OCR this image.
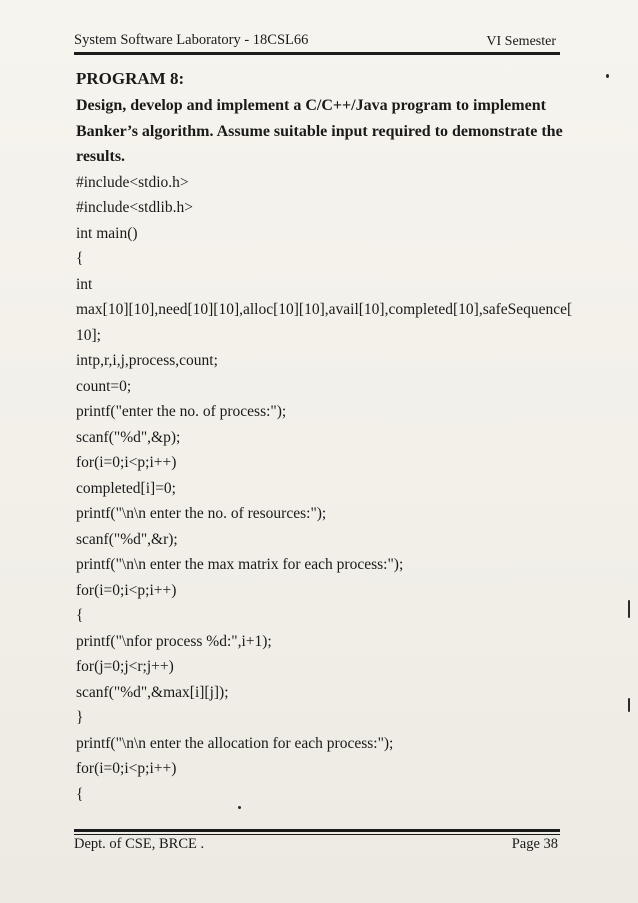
System Software Laboratory - 18CSL66	VI Semester
PROGRAM 8:
Design, develop and implement a C/C++/Java program to implement
Banker’s algorithm. Assume suitable input required to demonstrate the
results.
#include<stdio.h>
#include<stdlib.h>
int main()
{
int
max[10][10],need[10][10],alloc[10][10],avail[10],completed[10],safeSequence[
10];
intp,r,i,j,process,count;
count=0;
printf("enter the no. of process:");
scanf("%d",&p);
for(i=0;i<p;i++)
completed[i]=0;
printf("\n\n enter the no. of resources:");
scanf("%d",&r);
printf("\n\n enter the max matrix for each process:");
for(i=0;i<p;i++)
{
printf("\nfor process %d:",i+1);
for(j=0;j<r;j++)
scanf("%d",&max[i][j]);
}
printf("\n\n enter the allocation for each process:");
for(i=0;i<p;i++)
{
Dept. of CSE, BRCE .	Page 38
